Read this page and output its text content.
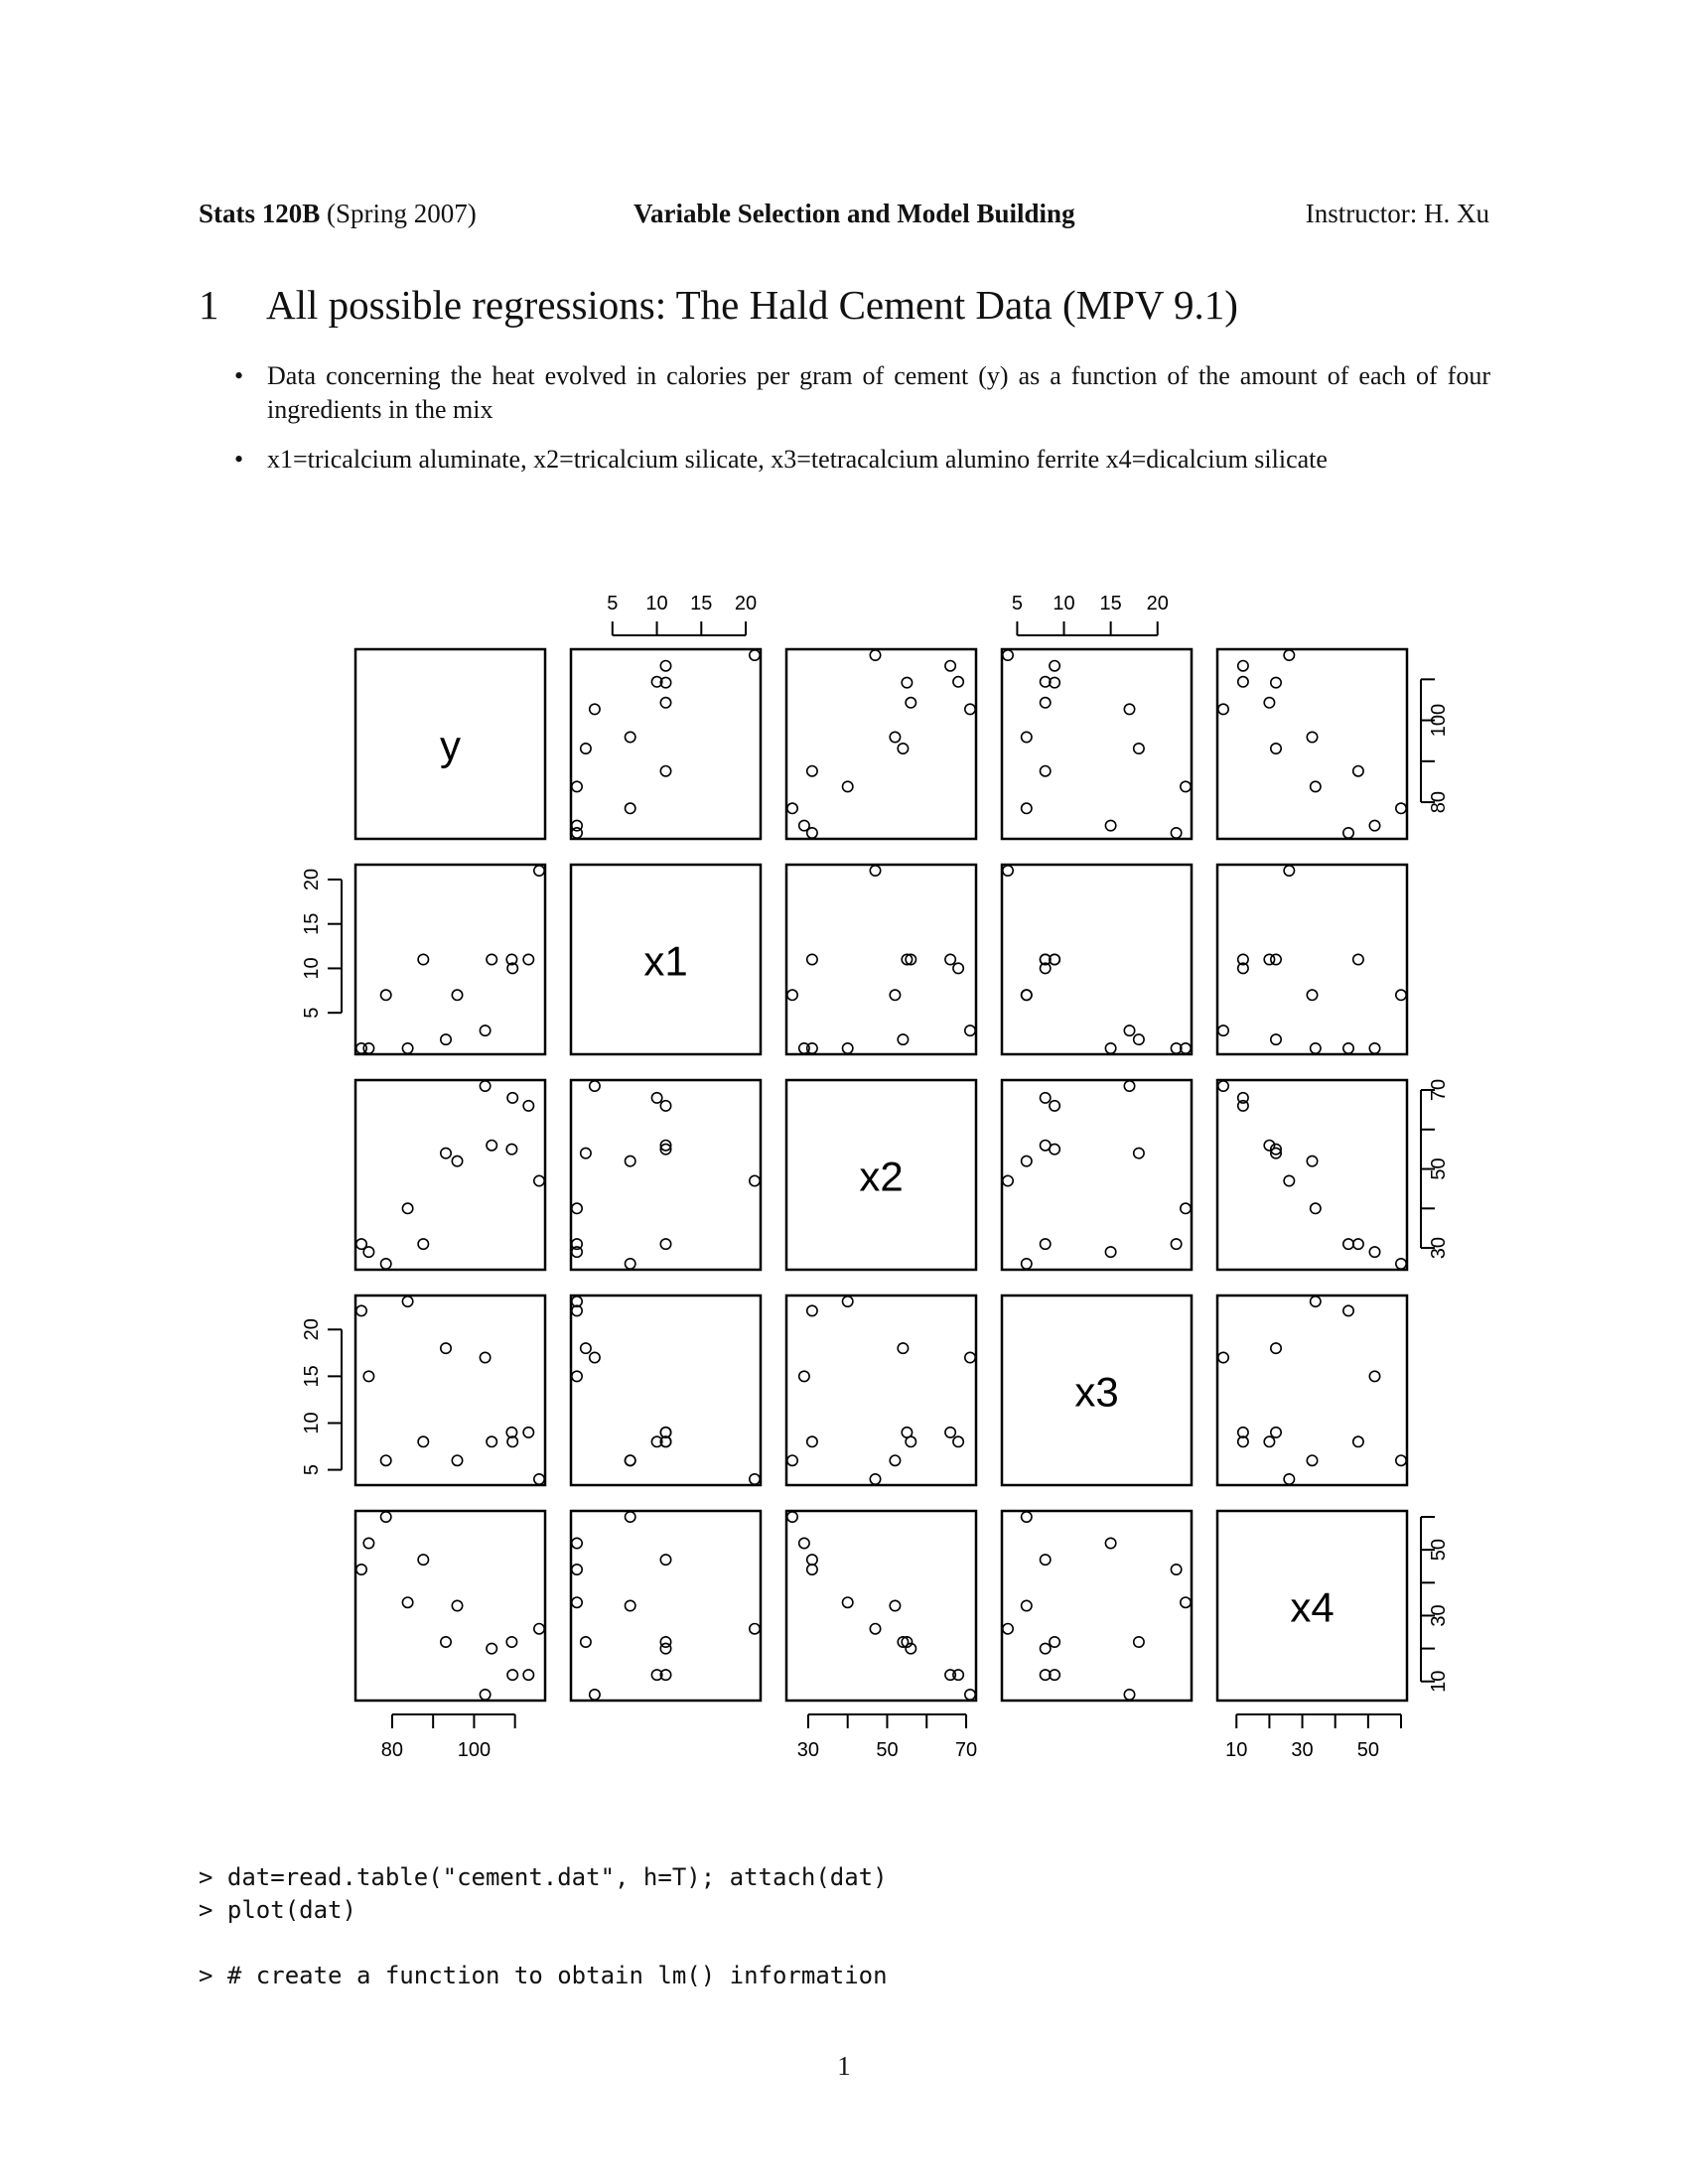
Stats 120B (Spring 2007)	Variable Selection and Model Building	Instructor: H. Xu
1 All possible regressions: The Hald Cement Data (MPV 9.1)
• Data concerning the heat evolved in calories per gram of cement (y) as a function of the amount of each of four ingredients in the mix
• x1=tricalcium aluminate, x2=tricalcium silicate, x3=tetracalcium alumino ferrite x4=dicalcium silicate
y
x1
x2
x3
x4
5 10 15 20	5 10 15 20
80	100	30	50	70	10 30 50
5
10
15
20
5
10
15
20
80
100
30
50
70
10
30
50
> dat=read.table("cement.dat", h=T); attach(dat)
> plot(dat)
> # create a function to obtain lm() information
1
